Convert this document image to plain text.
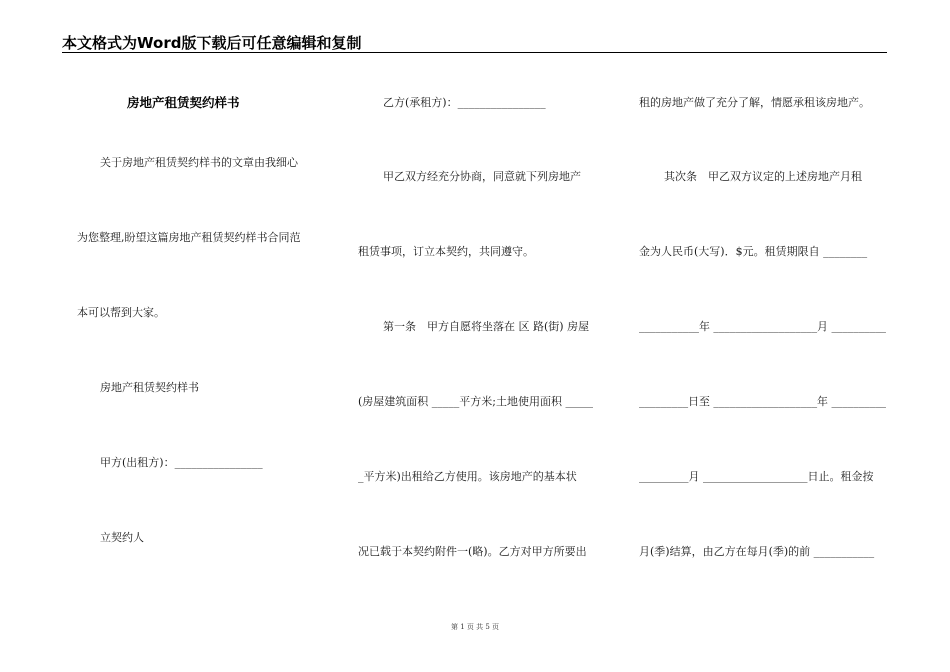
本文格式为Word版下载后可任意编辑和复制
房地产租赁契约样书
关于房地产租赁契约样书的文章由我细心
为您整理,盼望这篇房地产租赁契约样书合同范
本可以帮到大家。
房地产租赁契约样书
甲方(出租方)：________________
立契约人
乙方(承租方)：________________
甲乙双方经充分协商，同意就下列房地产
租赁事项，订立本契约，共同遵守。
第一条　甲方自愿将坐落在 区 路(街) 房屋
(房屋建筑面积 _____平方米;土地使用面积 _____
_平方米)出租给乙方使用。该房地产的基本状
况已载于本契约附件一(略)。乙方对甲方所要出
租的房地产做了充分了解，情愿承租该房地产。
其次条　甲乙双方议定的上述房地产月租
金为人民币(大写)．$元。租赁期限自 ________
___________年 ___________________月 __________
_________日至 ___________________年 __________
_________月 ___________________日止。租金按
月(季)结算，由乙方在每月(季)的前 ___________
第 1 页 共 5 页
